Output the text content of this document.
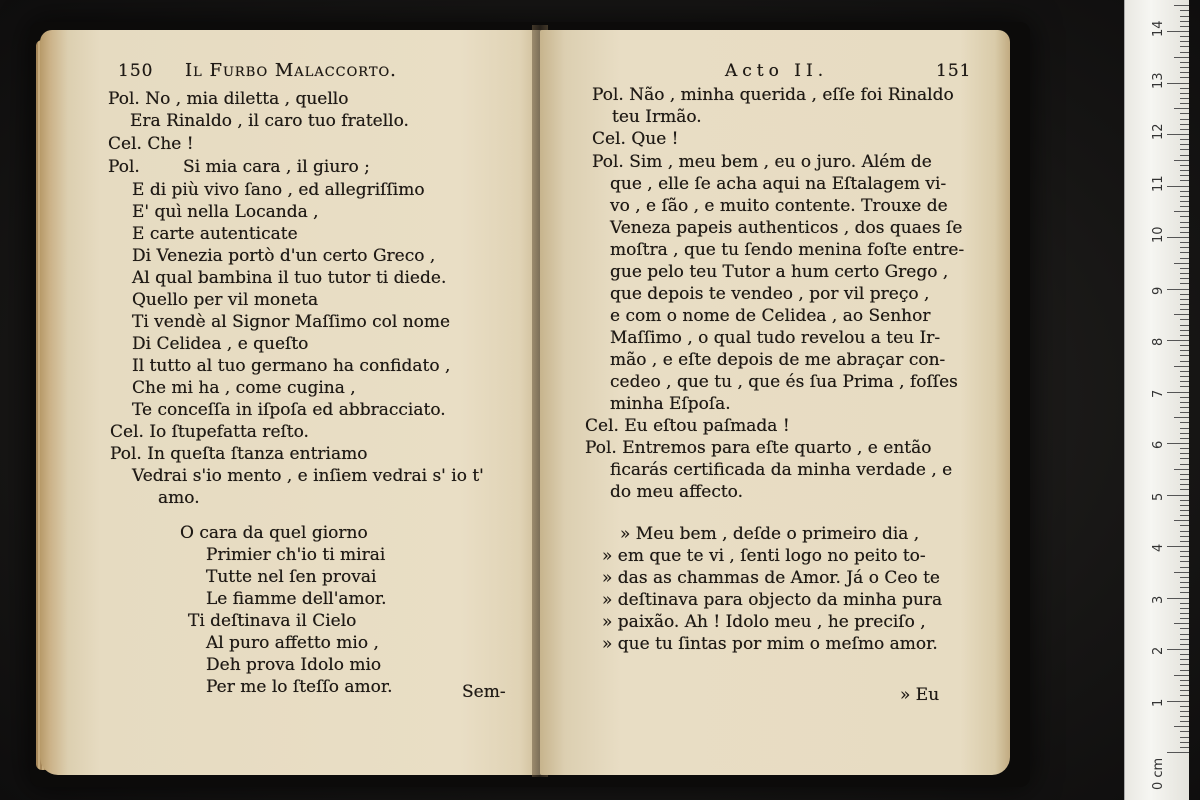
150 Il Furbo Malaccorto.
Pol. No , mia diletta , quello
Era Rinaldo , il caro tuo fratello.
Cel. Che !
Pol.        Si mia cara , il giuro ;
E di più vivo ſano , ed allegriſſimo
E' quì nella Locanda ,
E carte autenticate
Di Venezia portò d'un certo Greco ,
Al qual bambina il tuo tutor ti diede.
Quello per vil moneta
Ti vendè al Signor Maſſimo col nome
Di Celidea , e queſto
Il tutto al tuo germano ha confidato ,
Che mi ha , come cugina ,
Te conceſſa in iſpoſa ed abbracciato.
Cel. Io ſtupefatta reſto.
Pol. In queſta ſtanza entriamo
Vedrai s'io mento , e inſiem vedrai s' io t'
amo.
O cara da quel giorno
Primier ch'io ti mirai
Tutte nel ſen provai
Le fiamme dell'amor.
Ti deſtinava il Cielo
Al puro affetto mio ,
Deh prova Idolo mio
Per me lo ſteſſo amor.	Sem-
Acto II.	151
Pol. Não , minha querida , eſſe foi Rinaldo
teu Irmão.
Cel. Que !
Pol. Sim , meu bem , eu o juro. Além de
que , elle ſe acha aqui na Eſtalagem vi-
vo , e ſão , e muito contente. Trouxe de
Veneza papeis authenticos , dos quaes ſe
moſtra , que tu ſendo menina foſte entre-
gue pelo teu Tutor a hum certo Grego ,
que depois te vendeo , por vil preço ,
e com o nome de Celidea , ao Senhor
Maſſimo , o qual tudo revelou a teu Ir-
mão , e eſte depois de me abraçar con-
cedeo , que tu , que és ſua Prima , foſſes
minha Eſpoſa.
Cel. Eu eſtou paſmada !
Pol. Entremos para eſte quarto , e então
ficarás certificada da minha verdade , e
do meu affecto.
» Meu bem , deſde o primeiro dia ,
» em que te vi , ſenti logo no peito to-
» das as chammas de Amor. Já o Ceo te
» deſtinava para objecto da minha pura
» paixão. Ah ! Idolo meu , he preciſo ,
» que tu ſintas por mim o meſmo amor.
» Eu	1
2
3
4
5
6
7
8
9
10
11
12
13
14
0 cm
